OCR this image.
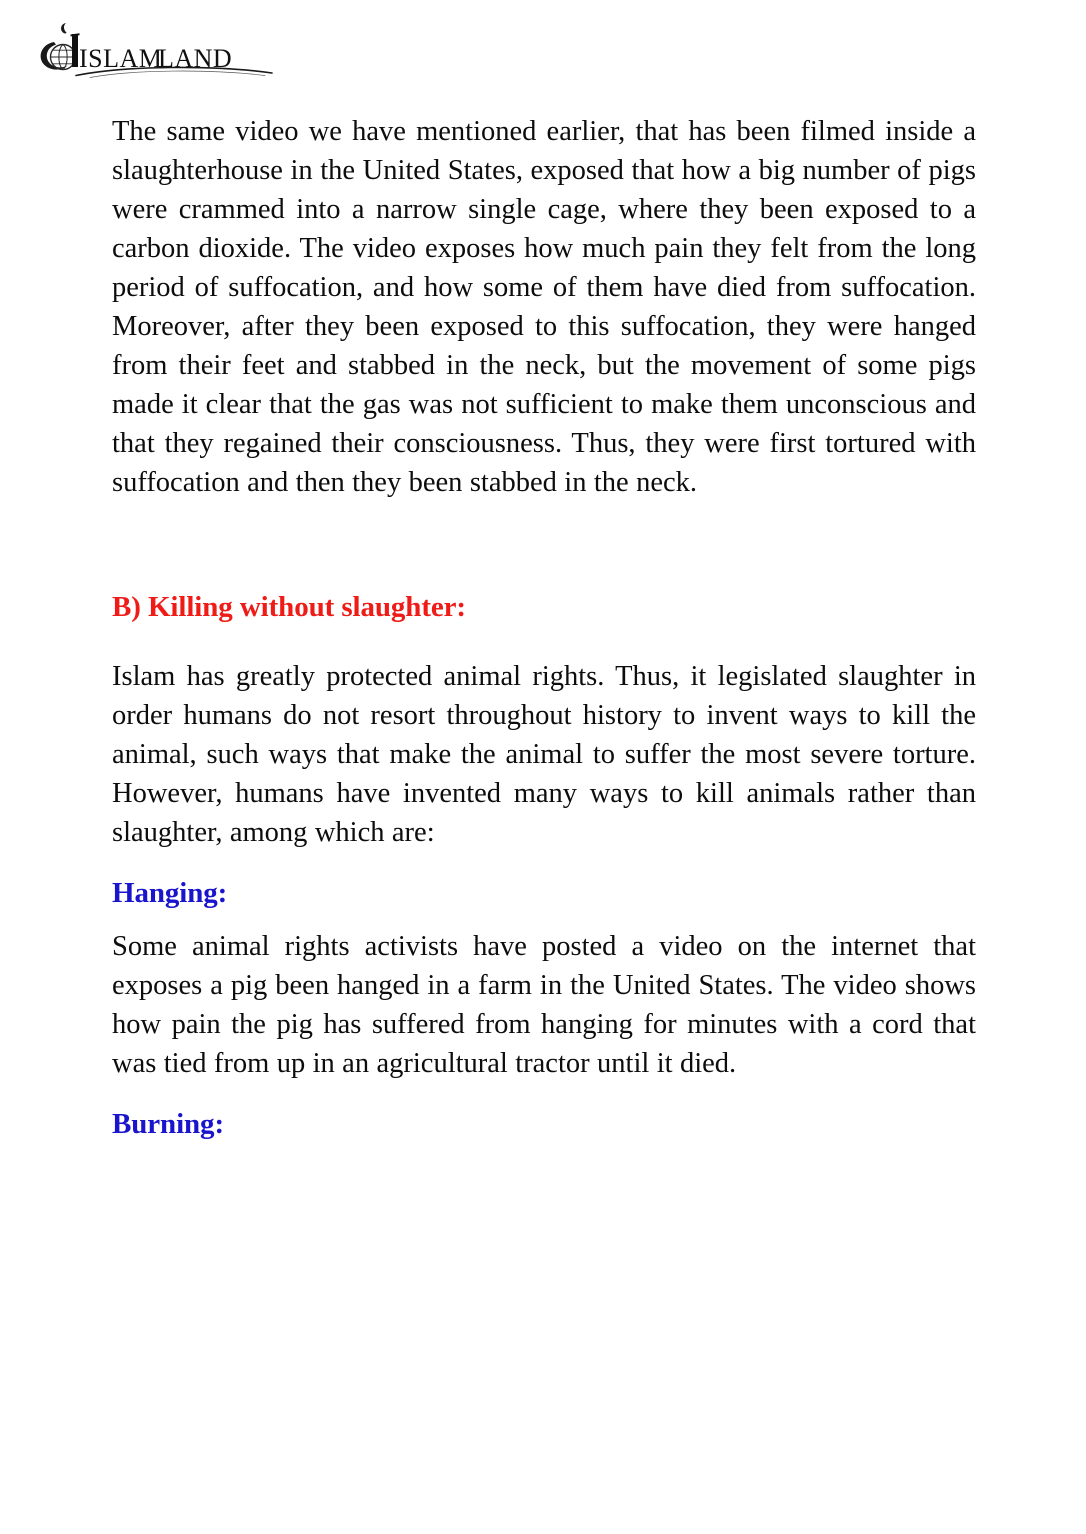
ISLAM
LAND

The same video we have mentioned earlier, that has been filmed inside a slaughterhouse in the United States, exposed that how a big number of pigs were crammed into a narrow single cage, where they been exposed to a carbon dioxide. The video exposes how much pain they felt from the long period of suffocation, and how some of them have died from suffocation. Moreover, after they been exposed to this suffocation, they were hanged from their feet and stabbed in the neck, but the movement of some pigs made it clear that the gas was not sufficient to make them unconscious and that they regained their consciousness. Thus, they were first tortured with suffocation and then they been stabbed in the neck.

B) Killing without slaughter:

Islam has greatly protected animal rights. Thus, it legislated slaughter in order humans do not resort throughout history to invent ways to kill the animal, such ways that make the animal to suffer the most severe torture. However, humans have invented many ways to kill animals rather than slaughter, among which are:

Hanging:

Some animal rights activists have posted a video on the internet that exposes a pig been hanged in a farm in the United States. The video shows how pain the pig has suffered from hanging for minutes with a cord that was tied from up in an agricultural tractor until it died.

Burning:
